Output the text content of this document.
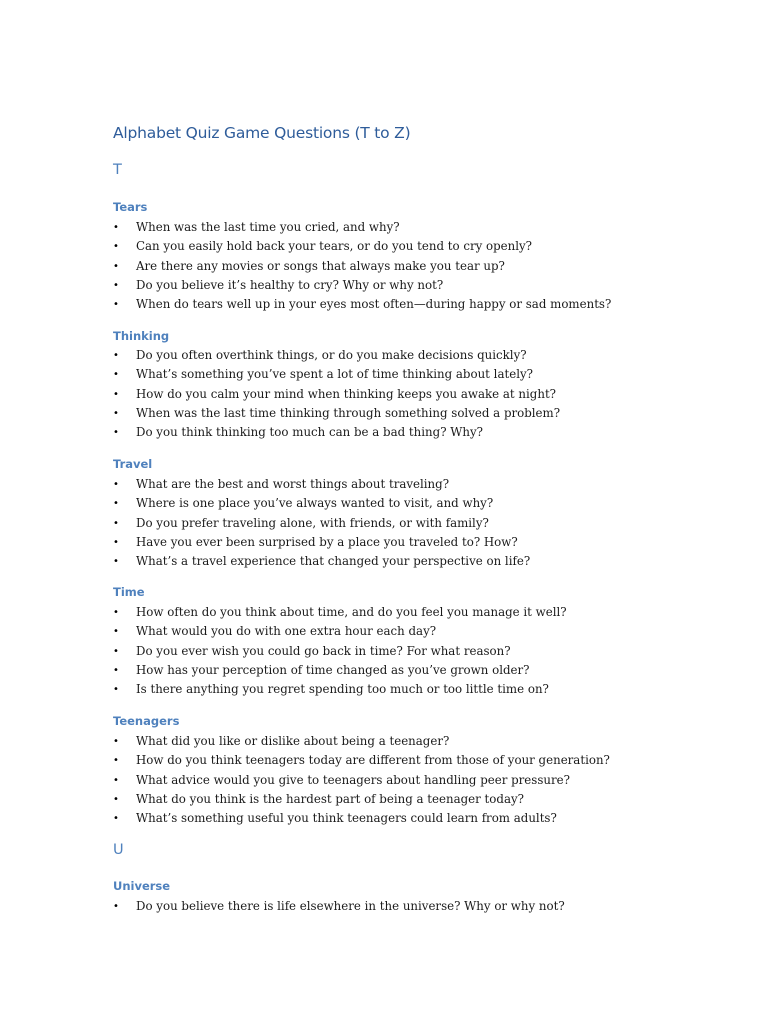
Alphabet Quiz Game Questions (T to Z)
T
Tears
• When was the last time you cried, and why?
• Can you easily hold back your tears, or do you tend to cry openly?
• Are there any movies or songs that always make you tear up?
• Do you believe it’s healthy to cry? Why or why not?
• When do tears well up in your eyes most often—during happy or sad moments?
Thinking
• Do you often overthink things, or do you make decisions quickly?
• What’s something you’ve spent a lot of time thinking about lately?
• How do you calm your mind when thinking keeps you awake at night?
• When was the last time thinking through something solved a problem?
• Do you think thinking too much can be a bad thing? Why?
Travel
• What are the best and worst things about traveling?
• Where is one place you’ve always wanted to visit, and why?
• Do you prefer traveling alone, with friends, or with family?
• Have you ever been surprised by a place you traveled to? How?
• What’s a travel experience that changed your perspective on life?
Time
• How often do you think about time, and do you feel you manage it well?
• What would you do with one extra hour each day?
• Do you ever wish you could go back in time? For what reason?
• How has your perception of time changed as you’ve grown older?
• Is there anything you regret spending too much or too little time on?
Teenagers
• What did you like or dislike about being a teenager?
• How do you think teenagers today are different from those of your generation?
• What advice would you give to teenagers about handling peer pressure?
• What do you think is the hardest part of being a teenager today?
• What’s something useful you think teenagers could learn from adults?
U
Universe
• Do you believe there is life elsewhere in the universe? Why or why not?
